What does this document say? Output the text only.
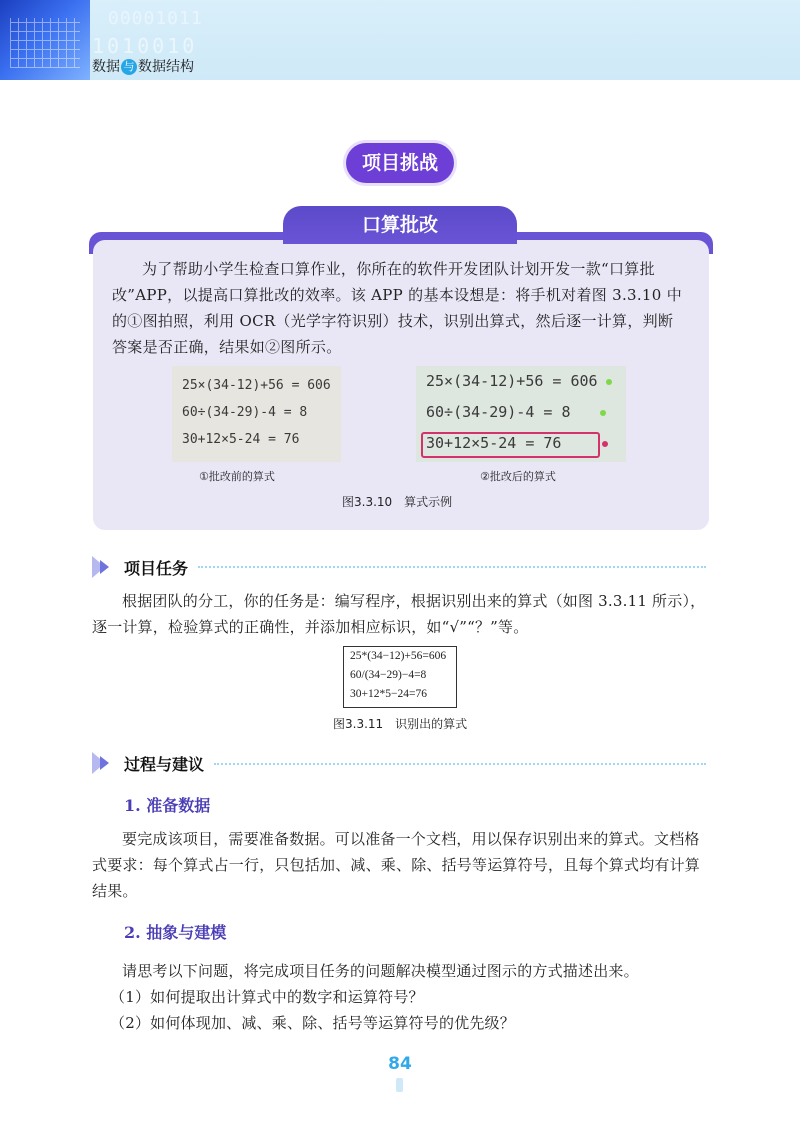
00001011
1010010
数据 与 数据结构
项目挑战
口算批改
为了帮助小学生检查口算作业，你所在的软件开发团队计划开发一款“口算批改”APP，以提高口算批改的效率。该 APP 的基本设想是：将手机对着图 3.3.10 中的①图拍照，利用 OCR（光学字符识别）技术，识别出算式，然后逐一计算，判断答案是否正确，结果如②图所示。
25×(34-12)+56 = 606
60÷(34-29)-4 = 8
30+12×5-24 = 76
25×(34-12)+56 = 606
60÷(34-29)-4 = 8
30+12×5-24 = 76
①批改前的算式	②批改后的算式
图3.3.10　算式示例
项目任务
根据团队的分工，你的任务是：编写程序，根据识别出来的算式（如图 3.3.11 所示），逐一计算，检验算式的正确性，并添加相应标识，如“√”“？”等。
25*(34−12)+56=606
60/(34−29)−4=8
30+12*5−24=76
图3.3.11　识别出的算式
过程与建议
1. 准备数据
要完成该项目，需要准备数据。可以准备一个文档，用以保存识别出来的算式。文档格式要求：每个算式占一行，只包括加、减、乘、除、括号等运算符号，且每个算式均有计算结果。
2. 抽象与建模
请思考以下问题，将完成项目任务的问题解决模型通过图示的方式描述出来。
（1）如何提取出计算式中的数字和运算符号？
（2）如何体现加、减、乘、除、括号等运算符号的优先级？
84
